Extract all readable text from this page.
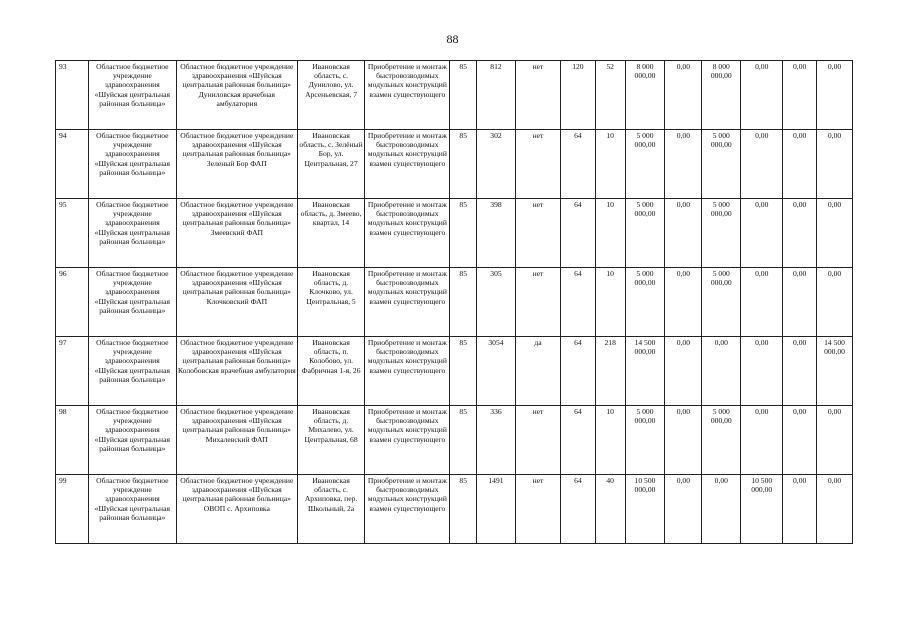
88
93	Областное бюджетное учреждение здравоохранения «Шуйская центральная районная больница»	Областное бюджетное учреждение здравоохранения «Шуйская центральная районная больница» Дуниловская врачебная амбулатория	Ивановская область, с. Дунилово, ул. Арсеньевская, 7	Приобретение и монтаж быстровозводимых модульных конструкций взамен существующего	85	812	нет	120	52	8 000 000,00	0,00	8 000 000,00	0,00	0,00	0,00
94	Областное бюджетное учреждение здравоохранения «Шуйская центральная районная больница»	Областное бюджетное учреждение здравоохранения «Шуйская центральная районная больница» Зеленый Бор ФАП	Ивановская область, с. Зелёный Бор, ул. Центральная, 27	Приобретение и монтаж быстровозводимых модульных конструкций взамен существующего	85	302	нет	64	10	5 000 000,00	0,00	5 000 000,00	0,00	0,00	0,00
95	Областное бюджетное учреждение здравоохранения «Шуйская центральная районная больница»	Областное бюджетное учреждение здравоохранения «Шуйская центральная районная больница» Змеевский ФАП	Ивановская область, д. Змеево, квартал, 14	Приобретение и монтаж быстровозводимых модульных конструкций взамен существующего	85	398	нет	64	10	5 000 000,00	0,00	5 000 000,00	0,00	0,00	0,00
96	Областное бюджетное учреждение здравоохранения «Шуйская центральная районная больница»	Областное бюджетное учреждение здравоохранения «Шуйская центральная районная больница» Клочковский ФАП	Ивановская область, д. Клочково, ул. Центральная, 5	Приобретение и монтаж быстровозводимых модульных конструкций взамен существующего	85	305	нет	64	10	5 000 000,00	0,00	5 000 000,00	0,00	0,00	0,00
97	Областное бюджетное учреждение здравоохранения «Шуйская центральная районная больница»	Областное бюджетное учреждение здравоохранения «Шуйская центральная районная больница» Колобовская врачебная амбулатория	Ивановская область, п. Колобово, ул. Фабричная 1-я, 26	Приобретение и монтаж быстровозводимых модульных конструкций взамен существующего	85	3054	да	64	218	14 500 000,00	0,00	0,00	0,00	0,00	14 500 000,00
98	Областное бюджетное учреждение здравоохранения «Шуйская центральная районная больница»	Областное бюджетное учреждение здравоохранения «Шуйская центральная районная больница» Михалевский ФАП	Ивановская область, д. Михалево, ул. Центральная, 68	Приобретение и монтаж быстровозводимых модульных конструкций взамен существующего	85	336	нет	64	10	5 000 000,00	0,00	5 000 000,00	0,00	0,00	0,00
99	Областное бюджетное учреждение здравоохранения «Шуйская центральная районная больница»	Областное бюджетное учреждение здравоохранения «Шуйская центральная районная больница» ОВОП с. Архиповка	Ивановская область, с. Архиповка, пер. Школьный, 2а	Приобретение и монтаж быстровозводимых модульных конструкций взамен существующего	85	1491	нет	64	40	10 500 000,00	0,00	0,00	10 500 000,00	0,00	0,00
